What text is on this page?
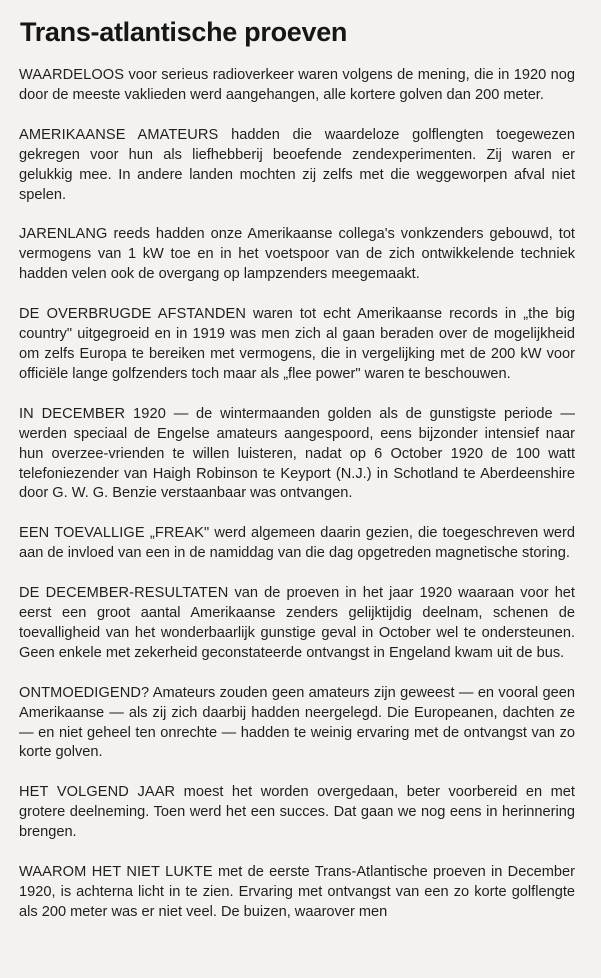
Trans-atlantische proeven

WAARDELOOS voor serieus radioverkeer waren volgens de mening, die in 1920 nog door de meeste vaklieden werd aangehangen, alle kortere golven dan 200 meter.

AMERIKAANSE AMATEURS hadden die waardeloze golflengten toegewezen gekregen voor hun als liefhebberij beoefende zendexperimenten. Zij waren er gelukkig mee. In andere landen mochten zij zelfs met die weggeworpen afval niet spelen.

JARENLANG reeds hadden onze Amerikaanse collega's vonkzenders gebouwd, tot vermogens van 1 kW toe en in het voetspoor van de zich ontwikkelende techniek hadden velen ook de overgang op lampzenders meegemaakt.

DE OVERBRUGDE AFSTANDEN waren tot echt Amerikaanse records in „the big country" uitgegroeid en in 1919 was men zich al gaan beraden over de mogelijkheid om zelfs Europa te bereiken met vermogens, die in vergelijking met de 200 kW voor officiële lange golfzenders toch maar als „flee power" waren te beschouwen.

IN DECEMBER 1920 — de wintermaanden golden als de gunstigste periode — werden speciaal de Engelse amateurs aangespoord, eens bijzonder intensief naar hun overzee-vrienden te willen luisteren, nadat op 6 October 1920 de 100 watt telefoniezender van Haigh Robinson te Keyport (N.J.) in Schotland te Aberdeenshire door G. W. G. Benzie verstaanbaar was ontvangen.

EEN TOEVALLIGE „FREAK" werd algemeen daarin gezien, die toegeschreven werd aan de invloed van een in de namiddag van die dag opgetreden magnetische storing.

DE DECEMBER-RESULTATEN van de proeven in het jaar 1920 waaraan voor het eerst een groot aantal Amerikaanse zenders gelijktijdig deelnam, schenen de toevalligheid van het wonderbaarlijk gunstige geval in October wel te ondersteunen. Geen enkele met zekerheid geconstateerde ontvangst in Engeland kwam uit de bus.

ONTMOEDIGEND? Amateurs zouden geen amateurs zijn geweest — en vooral geen Amerikaanse — als zij zich daarbij hadden neergelegd. Die Europeanen, dachten ze — en niet geheel ten onrechte — hadden te weinig ervaring met de ontvangst van zo korte golven.

HET VOLGEND JAAR moest het worden overgedaan, beter voorbereid en met grotere deelneming. Toen werd het een succes. Dat gaan we nog eens in herinnering brengen.

WAAROM HET NIET LUKTE met de eerste Trans-Atlantische proeven in December 1920, is achterna licht in te zien. Ervaring met ontvangst van een zo korte golflengte als 200 meter was er niet veel. De buizen, waarover men
